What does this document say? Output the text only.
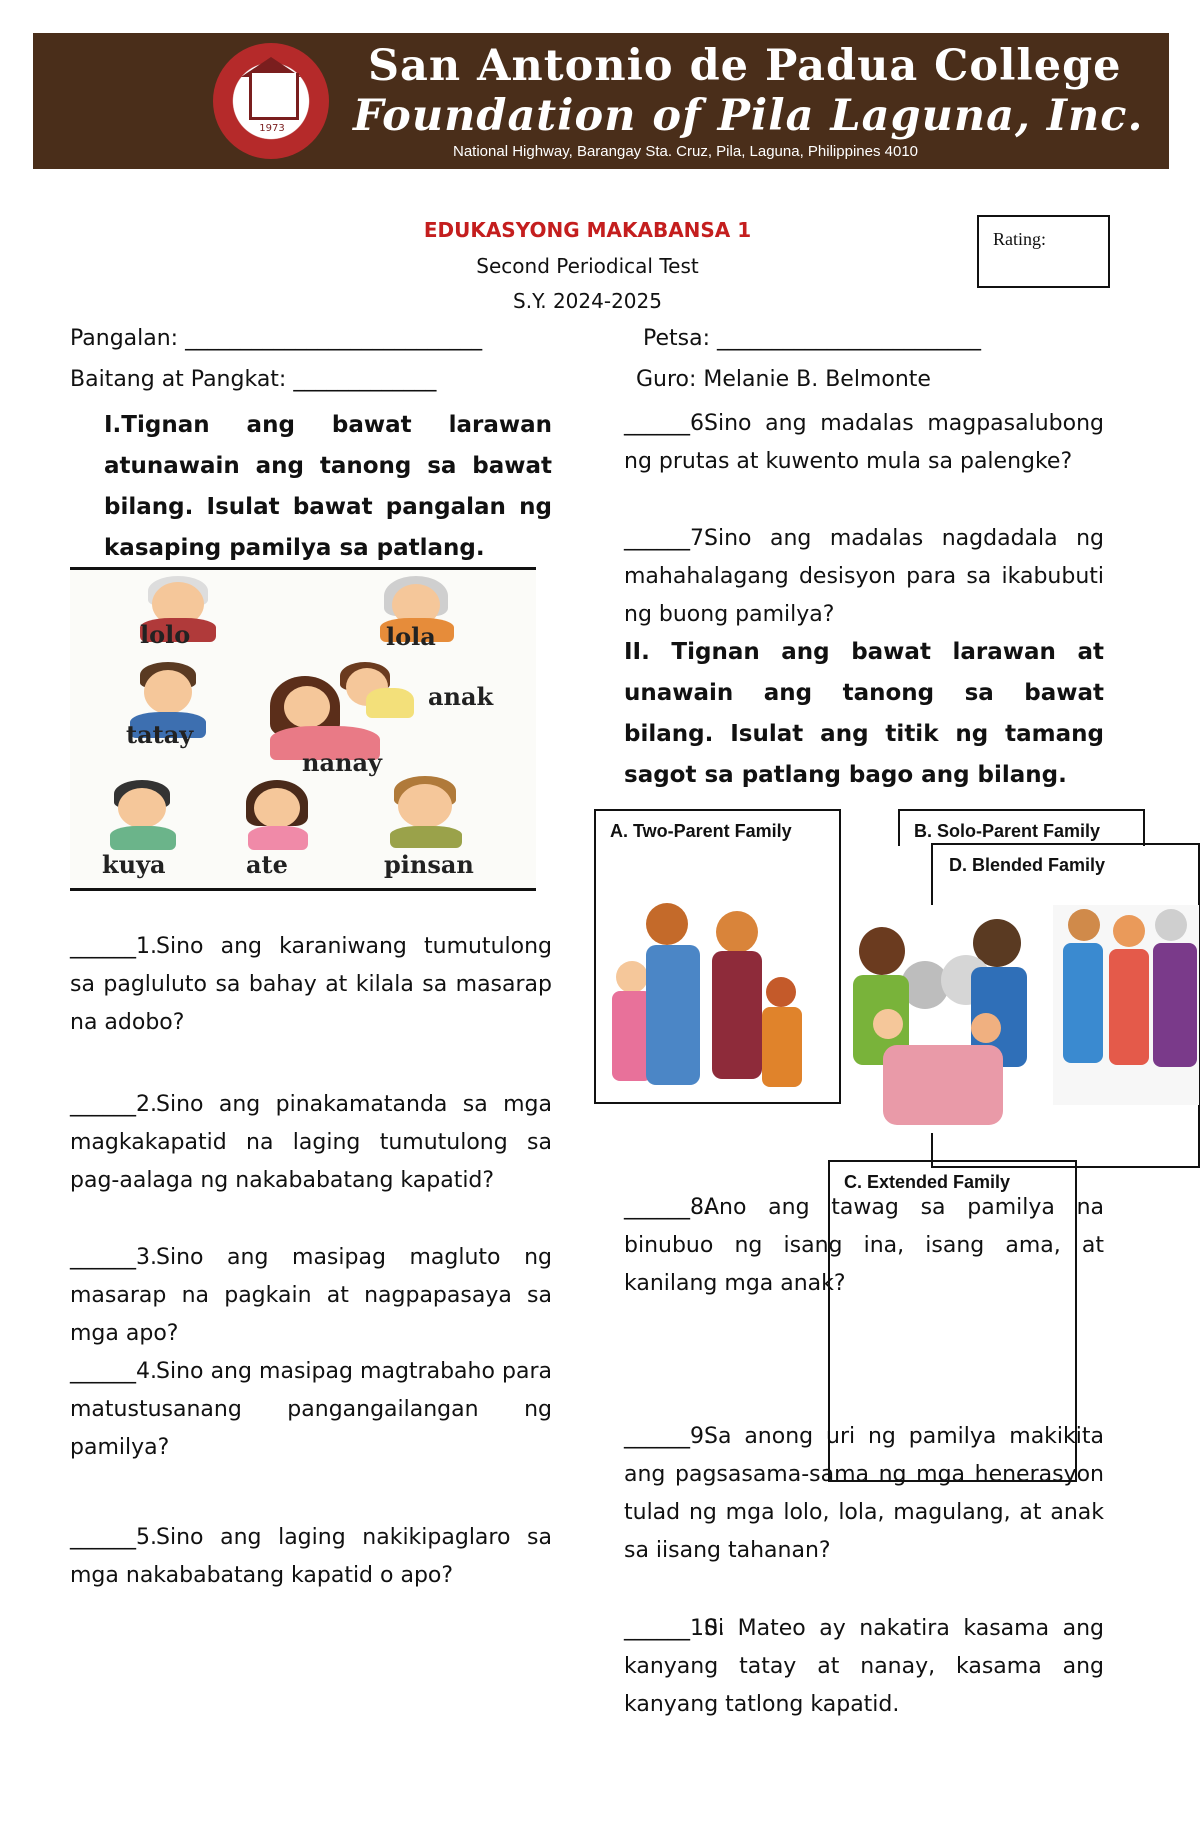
1973
San Antonio de Padua College
Foundation of Pila Laguna, Inc.
National Highway, Barangay Sta. Cruz, Pila, Laguna, Philippines 4010
EDUKASYONG MAKABANSA 1
Second Periodical Test
S.Y. 2024-2025
Rating:
Pangalan: ___________________________	Petsa: ________________________
Baitang at Pangkat: _____________	Guro: Melanie B. Belmonte
I.Tignan ang bawat larawan atunawain ang tanong sa bawat bilang. Isulat bawat pangalan ng kasaping pamilya sa patlang.
lolo	lola
tatay
anak
nanay
kuya	ate	pinsan
______1. Sino ang karaniwang tumutulong sa pagluluto sa bahay at kilala sa masarap na adobo?
______2. Sino ang pinakamatanda sa mga magkakapatid na laging tumutulong sa pag-aalaga ng nakababatang kapatid?
______3. Sino ang masipag magluto ng masarap na pagkain at nagpapasaya sa mga apo?
______4. Sino ang masipag magtrabaho para matustusanang pangangailangan ng pamilya?
______5. Sino ang laging nakikipaglaro sa mga nakababatang kapatid o apo?
______6.
Sino ang madalas magpasalubong ng prutas at kuwento mula sa palengke?
______7.
Sino ang madalas nagdadala ng mahahalagang desisyon para sa ikabubuti ng buong pamilya?
II. Tignan ang bawat larawan at unawain ang tanong sa bawat bilang. Isulat ang titik ng tamang sagot sa patlang bago ang bilang.
A. Two-Parent Family	B. Solo-Parent Family
D. Blended Family
C. Extended Family
______8.
Ano ang tawag sa pamilya na binubuo ng isang ina, isang ama, at kanilang mga anak?
______9.
Sa anong uri ng pamilya makikita ang pagsasama-sama ng mga henerasyon tulad ng mga lolo, lola, magulang, at anak sa iisang tahanan?
______10.
Si Mateo ay nakatira kasama ang kanyang tatay at nanay, kasama ang kanyang tatlong kapatid.
